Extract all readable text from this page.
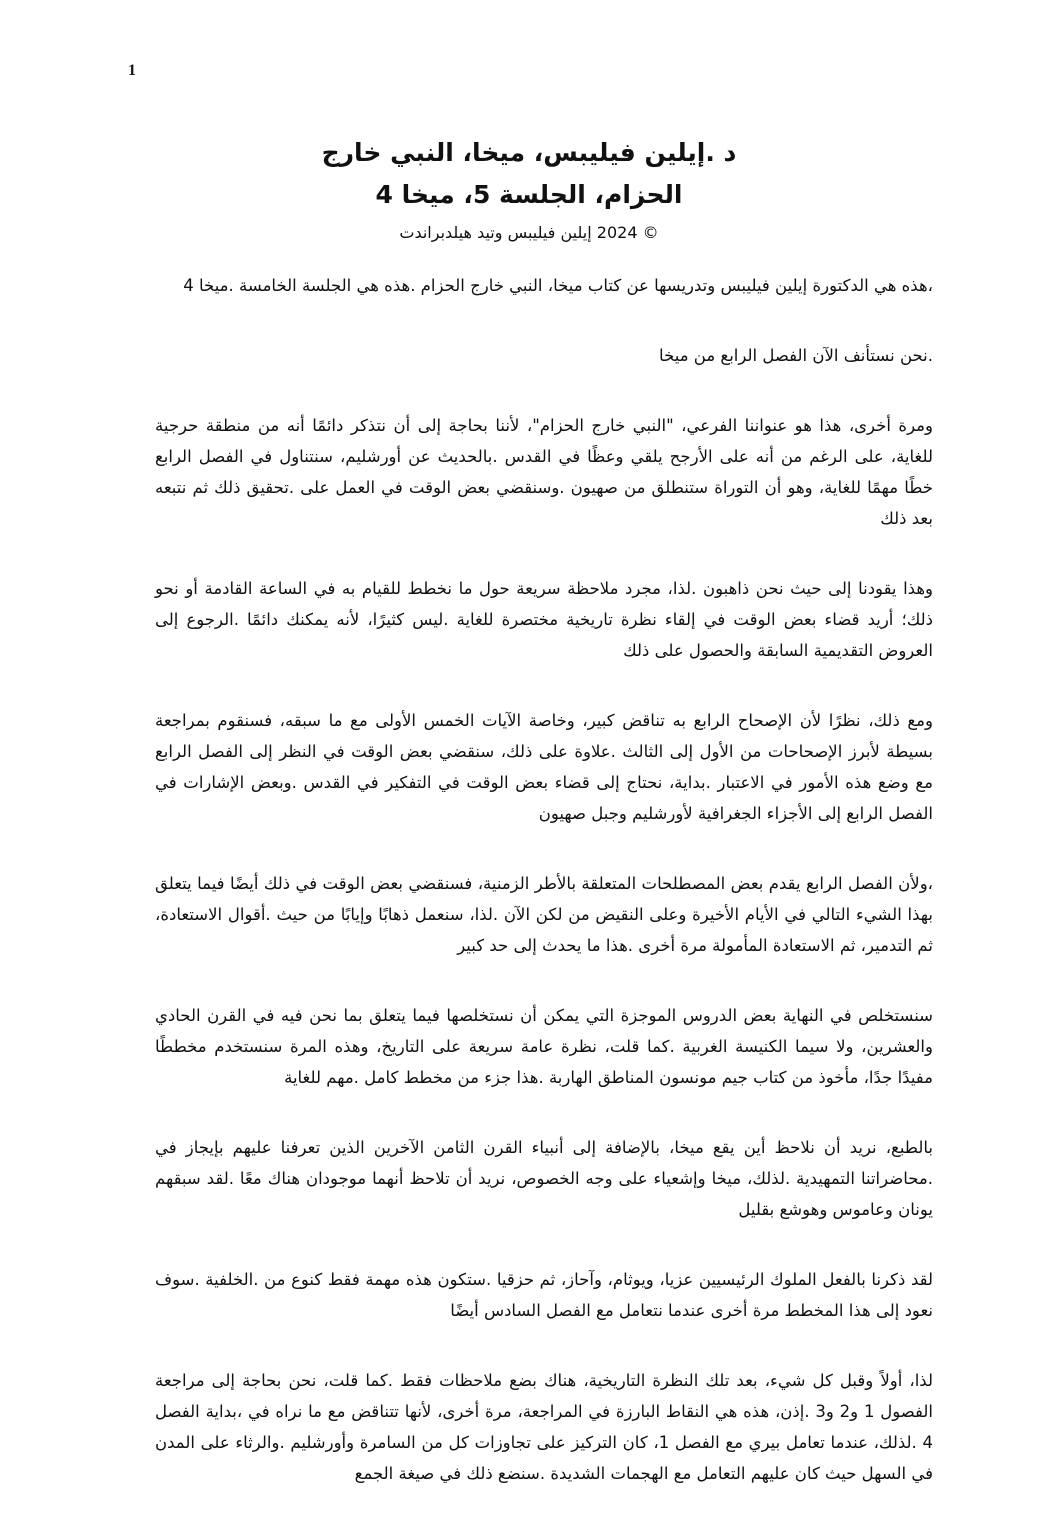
1
د .إيلين فيليبس، ميخا، النبي خارج
الحزام، الجلسة 5، ميخا 4

© 2024 إيلين فيليبس وتيد هيلدبراندت

،هذه هي الدكتورة إيلين فيليبس وتدريسها عن كتاب ميخا، النبي خارج الحزام .هذه هي الجلسة الخامسة .ميخا 4

.نحن نستأنف الآن الفصل الرابع من ميخا

ومرة أخرى، هذا هو عنواننا الفرعي، "النبي خارج الحزام"، لأننا بحاجة إلى أن نتذكر دائمًا أنه من منطقة حرجية للغاية، على الرغم من أنه على الأرجح يلقي وعظًا في القدس .بالحديث عن أورشليم، سنتناول في الفصل الرابع خطًا مهمًا للغاية، وهو أن التوراة ستنطلق من صهيون .وسنقضي بعض الوقت في العمل على .تحقيق ذلك ثم نتبعه بعد ذلك

وهذا يقودنا إلى حيث نحن ذاهبون .لذا، مجرد ملاحظة سريعة حول ما نخطط للقيام به في الساعة القادمة أو نحو ذلك؛ أريد قضاء بعض الوقت في إلقاء نظرة تاريخية مختصرة للغاية .ليس كثيرًا، لأنه يمكنك دائمًا .الرجوع إلى العروض التقديمية السابقة والحصول على ذلك

ومع ذلك، نظرًا لأن الإصحاح الرابع به تناقض كبير، وخاصة الآيات الخمس الأولى مع ما سبقه، فسنقوم بمراجعة بسيطة لأبرز الإصحاحات من الأول إلى الثالث .علاوة على ذلك، سنقضي بعض الوقت في النظر إلى الفصل الرابع مع وضع هذه الأمور في الاعتبار .بداية، نحتاج إلى قضاء بعض الوقت في التفكير في القدس .وبعض الإشارات في الفصل الرابع إلى الأجزاء الجغرافية لأورشليم وجبل صهيون

،ولأن الفصل الرابع يقدم بعض المصطلحات المتعلقة بالأطر الزمنية، فسنقضي بعض الوقت في ذلك أيضًا فيما يتعلق بهذا الشيء التالي في الأيام الأخيرة وعلى النقيض من لكن الآن .لذا، سنعمل ذهابًا وإيابًا من حيث .أقوال الاستعادة، ثم التدمير، ثم الاستعادة المأمولة مرة أخرى .هذا ما يحدث إلى حد كبير

سنستخلص في النهاية بعض الدروس الموجزة التي يمكن أن نستخلصها فيما يتعلق بما نحن فيه في القرن الحادي والعشرين، ولا سيما الكنيسة الغربية .كما قلت، نظرة عامة سريعة على التاريخ، وهذه المرة سنستخدم مخططًا مفيدًا جدًا، مأخوذ من كتاب جيم مونسون المناطق الهاربة .هذا جزء من مخطط كامل .مهم للغاية

بالطبع، نريد أن نلاحظ أين يقع ميخا، بالإضافة إلى أنبياء القرن الثامن الآخرين الذين تعرفنا عليهم بإيجاز في .محاضراتنا التمهيدية .لذلك، ميخا وإشعياء على وجه الخصوص، نريد أن تلاحظ أنهما موجودان هناك معًا .لقد سبقهم يونان وعاموس وهوشع بقليل

لقد ذكرنا بالفعل الملوك الرئيسيين عزيا، ويوثام، وآحاز، ثم حزقيا .ستكون هذه مهمة فقط كنوع من .الخلفية .سوف نعود إلى هذا المخطط مرة أخرى عندما نتعامل مع الفصل السادس أيضًا

لذا، أولاً وقبل كل شيء، بعد تلك النظرة التاريخية، هناك بضع ملاحظات فقط .كما قلت، نحن بحاجة إلى مراجعة الفصول 1 و2 و3 .إذن، هذه هي النقاط البارزة في المراجعة، مرة أخرى، لأنها تتناقض مع ما نراه في ،بداية الفصل 4 .لذلك، عندما تعامل بيري مع الفصل 1، كان التركيز على تجاوزات كل من السامرة وأورشليم .والرثاء على المدن في السهل حيث كان عليهم التعامل مع الهجمات الشديدة .سنضع ذلك في صيغة الجمع
